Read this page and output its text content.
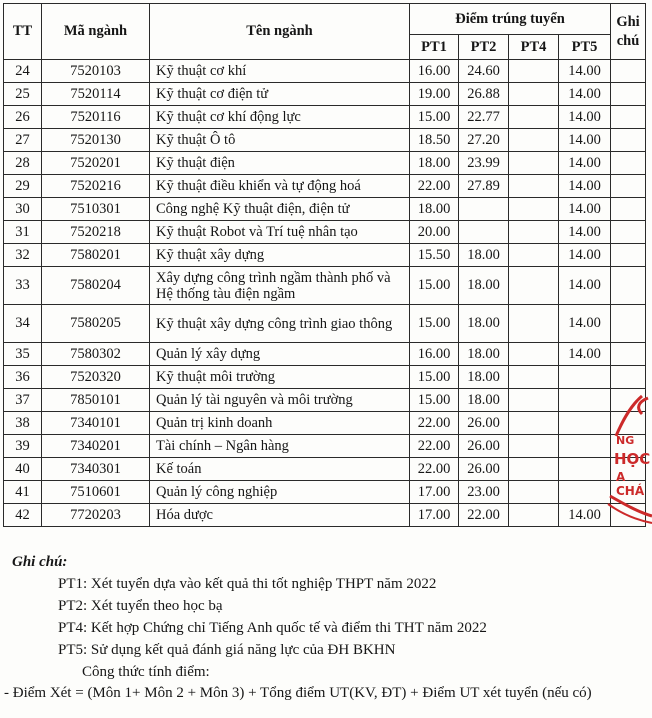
TT	Mã ngành	Tên ngành	Điểm trúng tuyển				Ghi chú
			PT1	PT2	PT4	PT5	
24	7520103	Kỹ thuật cơ khí	16.00	24.60		14.00	
25	7520114	Kỹ thuật cơ điện tử	19.00	26.88		14.00	
26	7520116	Kỹ thuật cơ khí động lực	15.00	22.77		14.00	
27	7520130	Kỹ thuật Ô tô	18.50	27.20		14.00	
28	7520201	Kỹ thuật điện	18.00	23.99		14.00	
29	7520216	Kỹ thuật điều khiển và tự động hoá	22.00	27.89		14.00	
30	7510301	Công nghệ Kỹ thuật điện, điện tử	18.00			14.00	
31	7520218	Kỹ thuật Robot và Trí tuệ nhân tạo	20.00			14.00	
32	7580201	Kỹ thuật xây dựng	15.50	18.00		14.00	
33	7580204	Xây dựng công trình ngầm thành phố và Hệ thống tàu điện ngầm	15.00	18.00		14.00	
34	7580205	Kỹ thuật xây dựng công trình giao thông	15.00	18.00		14.00	
35	7580302	Quản lý xây dựng	16.00	18.00		14.00	
36	7520320	Kỹ thuật môi trường	15.00	18.00			
37	7850101	Quản lý tài nguyên và môi trường	15.00	18.00			
38	7340101	Quản trị kinh doanh	22.00	26.00			
39	7340201	Tài chính – Ngân hàng	22.00	26.00			
40	7340301	Kế toán	22.00	26.00			
41	7510601	Quản lý công nghiệp	17.00	23.00			
42	7720203	Hóa dược	17.00	22.00		14.00	
NG
HỌC
A CHÁ
Ghi chú:
PT1: Xét tuyển dựa vào kết quả thi tốt nghiệp THPT năm 2022
PT2: Xét tuyển theo học bạ
PT4: Kết hợp Chứng chỉ Tiếng Anh quốc tế và điểm thi THT năm 2022
PT5: Sử dụng kết quả đánh giá năng lực của ĐH BKHN
Công thức tính điểm:
- Điểm Xét = (Môn 1+ Môn 2 + Môn 3) + Tổng điểm UT(KV, ĐT) + Điểm UT xét tuyển (nếu có)
